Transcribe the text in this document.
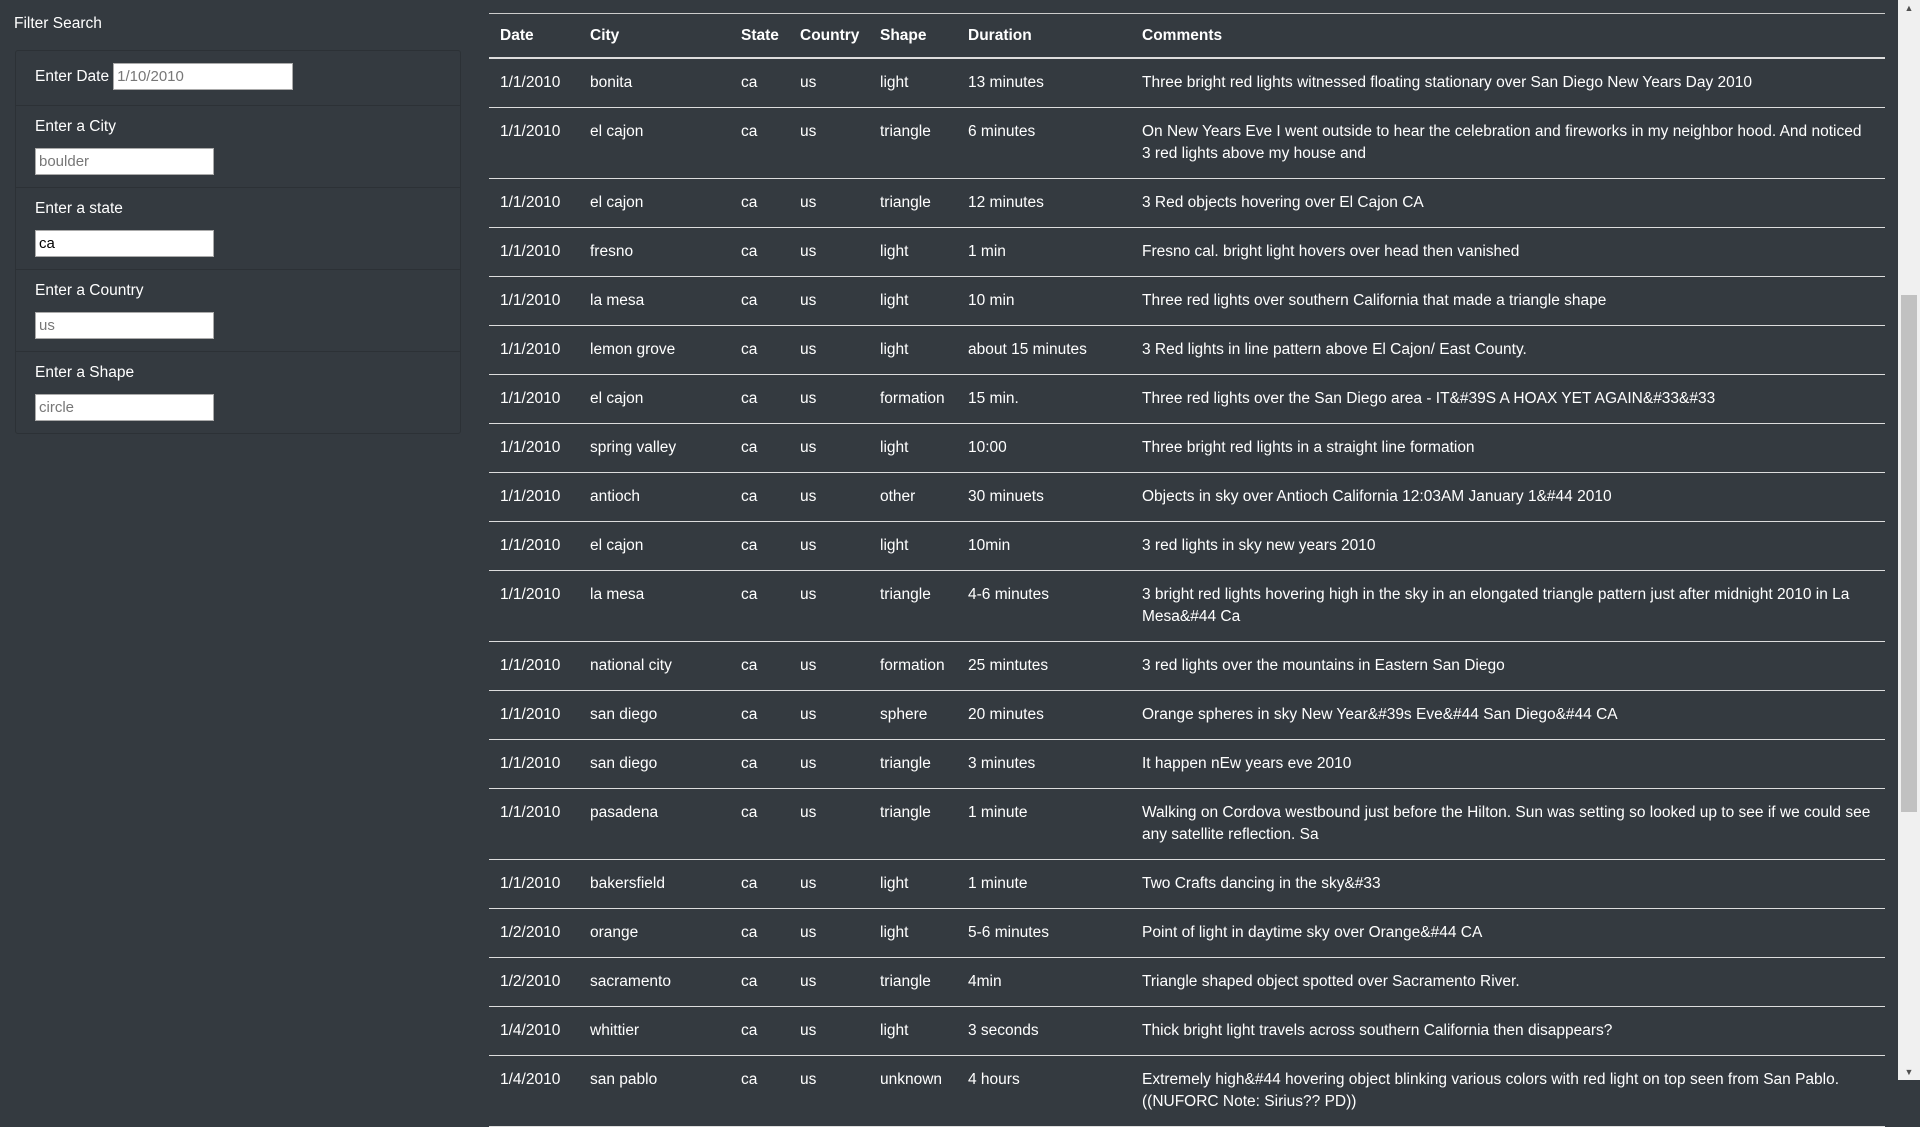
Filter Search
Enter Date
1/10/2010
Enter a City
boulder
Enter a state
ca
Enter a Country
us
Enter a Shape
circle
Date	City	State	Country	Shape	Duration	Comments
1/1/2010	bonita	ca	us	light	13 minutes	Three bright red lights witnessed floating stationary over San Diego New Years Day 2010
1/1/2010	el cajon	ca	us	triangle	6 minutes	On New Years Eve I went outside to hear the celebration and fireworks in my neighbor hood. And noticed 3 red lights above my house and
1/1/2010	el cajon	ca	us	triangle	12 minutes	3 Red objects hovering over El Cajon CA
1/1/2010	fresno	ca	us	light	1 min	Fresno cal. bright light hovers over head then vanished
1/1/2010	la mesa	ca	us	light	10 min	Three red lights over southern California that made a triangle shape
1/1/2010	lemon grove	ca	us	light	about 15 minutes	3 Red lights in line pattern above El Cajon/ East County.
1/1/2010	el cajon	ca	us	formation	15 min.	Three red lights over the San Diego area - IT&#39S A HOAX YET AGAIN&#33&#33
1/1/2010	spring valley	ca	us	light	10:00	Three bright red lights in a straight line formation
1/1/2010	antioch	ca	us	other	30 minuets	Objects in sky over Antioch California 12:03AM January 1&#44 2010
1/1/2010	el cajon	ca	us	light	10min	3 red lights in sky new years 2010
1/1/2010	la mesa	ca	us	triangle	4-6 minutes	3 bright red lights hovering high in the sky in an elongated triangle pattern just after midnight 2010 in La Mesa&#44 Ca
1/1/2010	national city	ca	us	formation	25 mintutes	3 red lights over the mountains in Eastern San Diego
1/1/2010	san diego	ca	us	sphere	20 minutes	Orange spheres in sky New Year&#39s Eve&#44 San Diego&#44 CA
1/1/2010	san diego	ca	us	triangle	3 minutes	It happen nEw years eve 2010
1/1/2010	pasadena	ca	us	triangle	1 minute	Walking on Cordova westbound just before the Hilton. Sun was setting so looked up to see if we could see any satellite reflection. Sa
1/1/2010	bakersfield	ca	us	light	1 minute	Two Crafts dancing in the sky&#33
1/2/2010	orange	ca	us	light	5-6 minutes	Point of light in daytime sky over Orange&#44 CA
1/2/2010	sacramento	ca	us	triangle	4min	Triangle shaped object spotted over Sacramento River.
1/4/2010	whittier	ca	us	light	3 seconds	Thick bright light travels across southern California then disappears?
1/4/2010	san pablo	ca	us	unknown	4 hours	Extremely high&#44 hovering object blinking various colors with red light on top seen from San Pablo. ((NUFORC Note: Sirius?? PD))
▲
▼
